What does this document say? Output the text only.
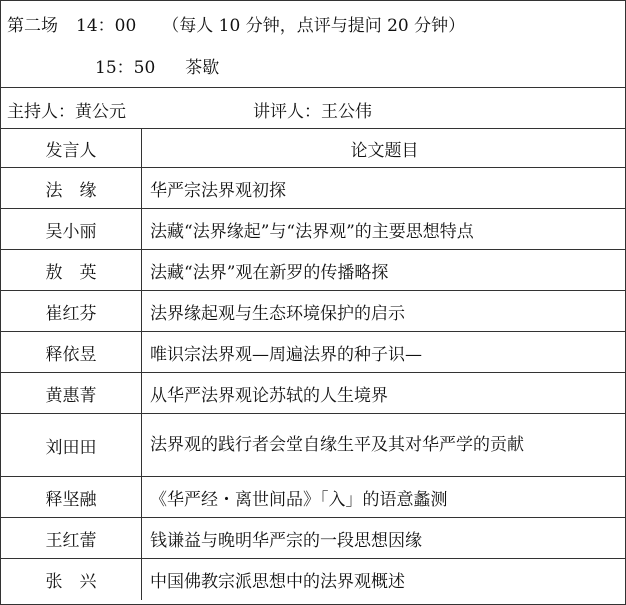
第二场 14：00 （每人 10 分钟，点评与提问 20 分钟）
15：50 茶歇
主持人：黄公元	讲评人：王公伟
发言人	论文题目
法　缘	华严宗法界观初探
吴小丽	法藏“法界缘起”与“法界观”的主要思想特点
敖　英	法藏“法界”观在新罗的传播略探
崔红芬	法界缘起观与生态环境保护的启示
释依昱	唯识宗法界观—周遍法界的种子识—
黄惠菁	从华严法界观论苏轼的人生境界
刘田田	法界观的践行者会堂自缘生平及其对华严学的贡献
释坚融	《华严经・离世间品》「入」的语意蠡测
王红蕾	钱谦益与晚明华严宗的一段思想因缘
张　兴	中国佛教宗派思想中的法界观概述
